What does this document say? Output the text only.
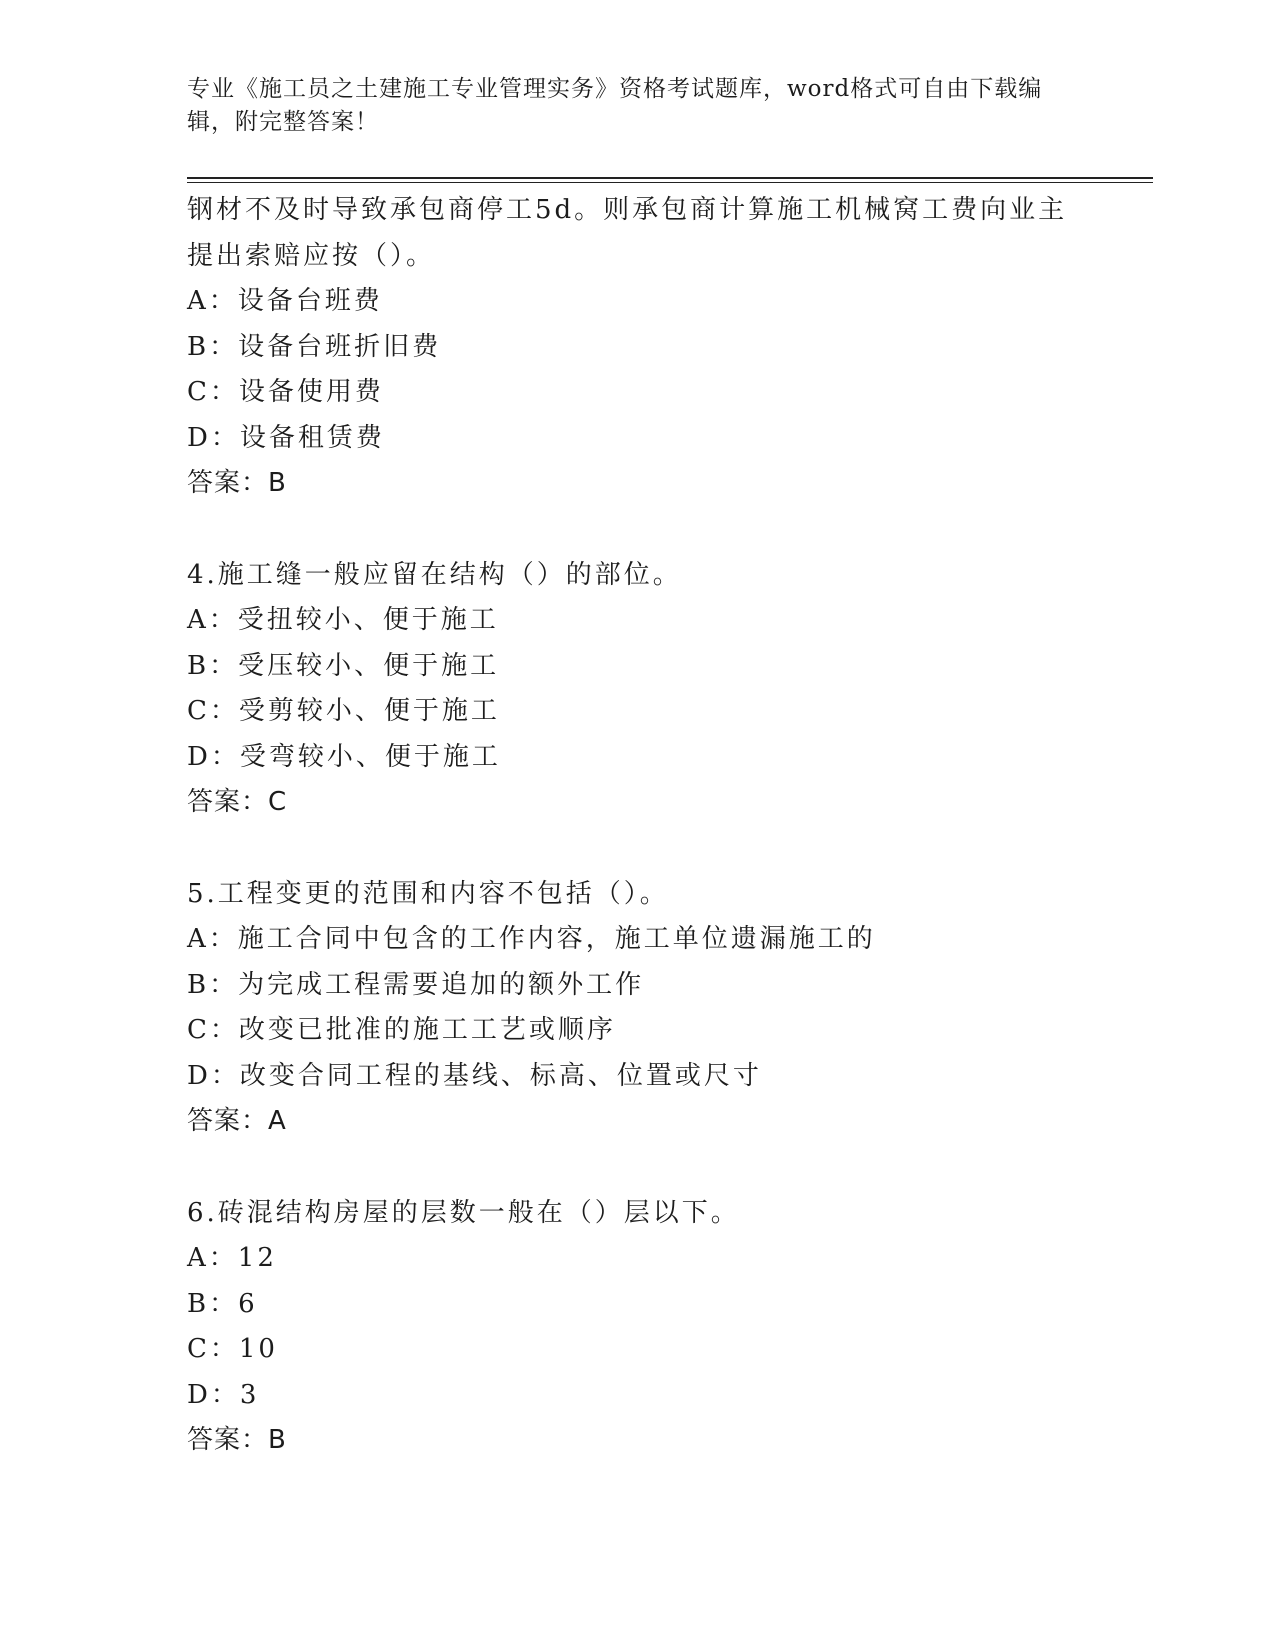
专业《施工员之土建施工专业管理实务》资格考试题库，word格式可自由下载编
辑，附完整答案！
钢材不及时导致承包商停工5d。则承包商计算施工机械窝工费向业主
提出索赔应按（）。
A：设备台班费
B：设备台班折旧费
C：设备使用费
D：设备租赁费
答案：B
4.施工缝一般应留在结构（）的部位。
A：受扭较小、便于施工
B：受压较小、便于施工
C：受剪较小、便于施工
D：受弯较小、便于施工
答案：C
5.工程变更的范围和内容不包括（）。
A：施工合同中包含的工作内容，施工单位遗漏施工的
B：为完成工程需要追加的额外工作
C：改变已批准的施工工艺或顺序
D：改变合同工程的基线、标高、位置或尺寸
答案：A
6.砖混结构房屋的层数一般在（）层以下。
A：12
B：6
C：10
D：3
答案：B
